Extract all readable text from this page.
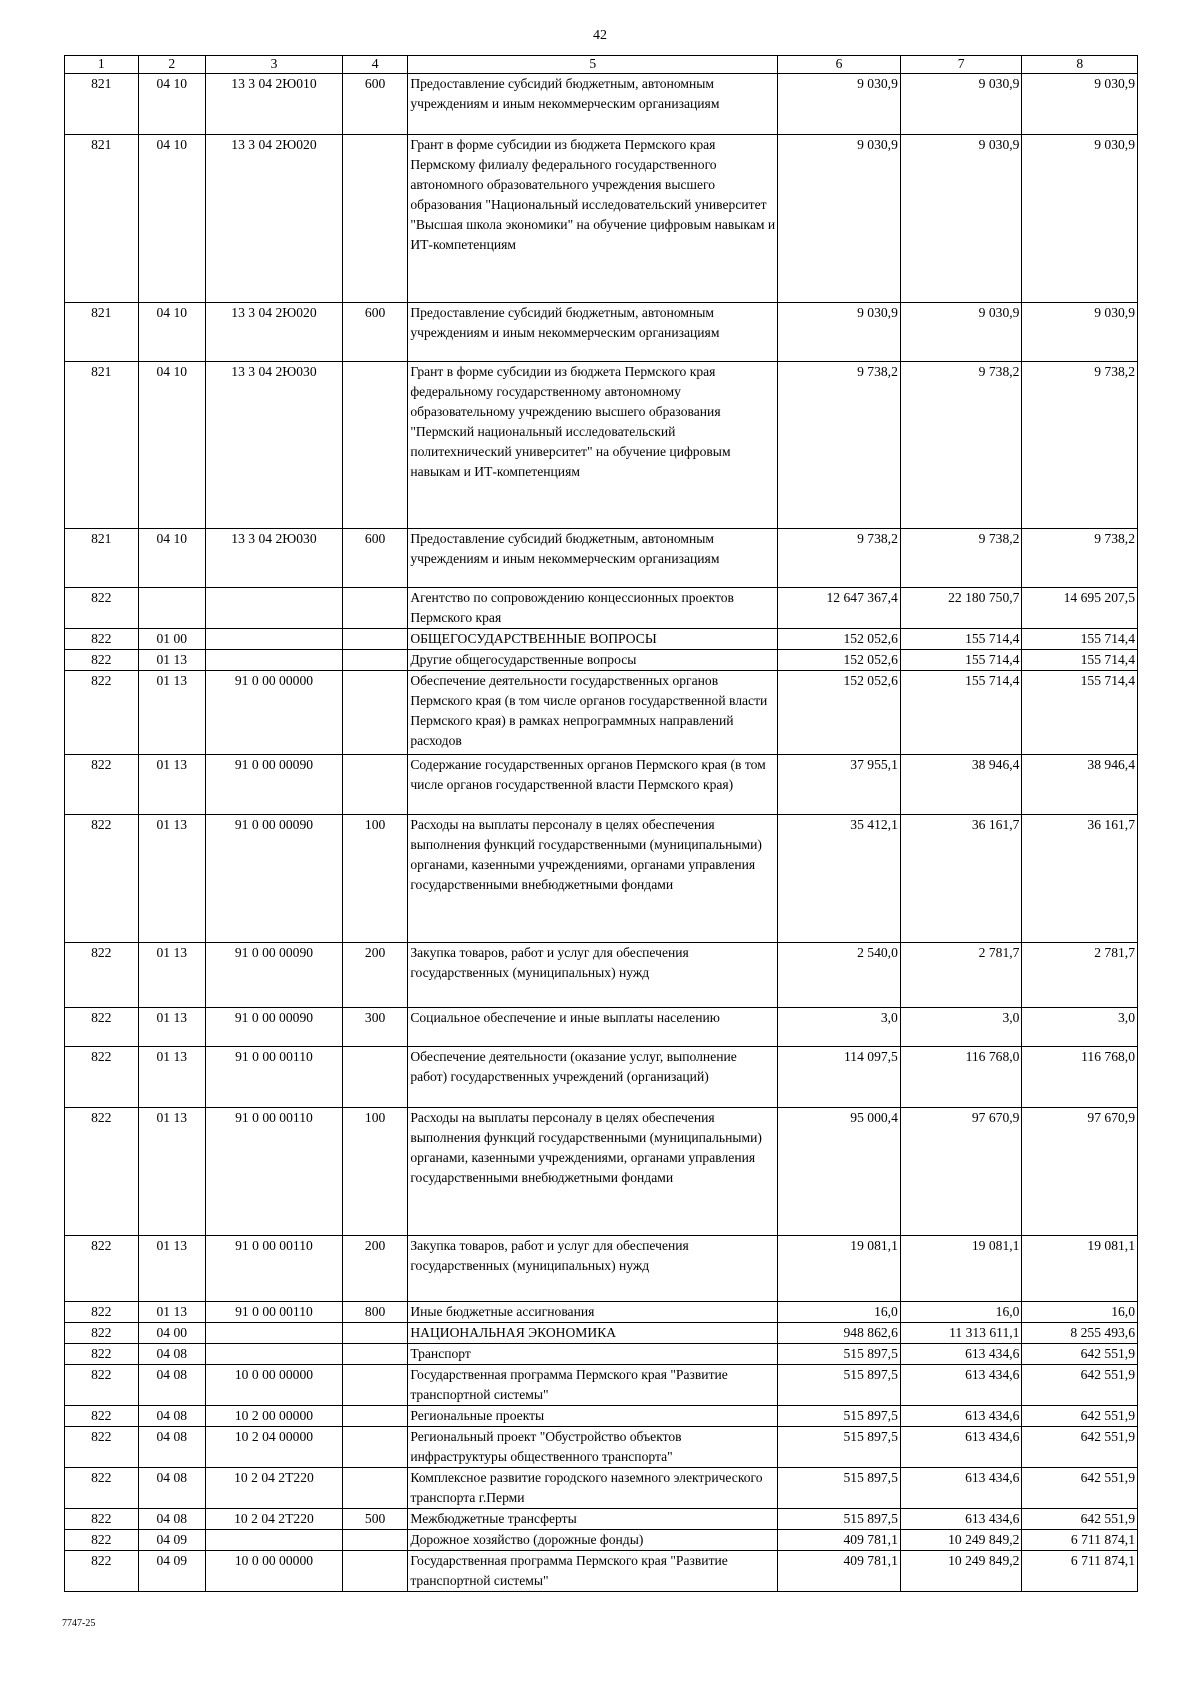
42
1	2	3	4	5	6	7	8
821	04 10	13 3 04 2Ю010	600	Предоставление субсидий бюджетным, автономным учреждениям и иным некоммерческим организациям	9 030,9	9 030,9	9 030,9
821	04 10	13 3 04 2Ю020		Грант в форме субсидии из бюджета Пермского края Пермскому филиалу федерального государственного автономного образовательного учреждения высшего образования "Национальный исследовательский университет "Высшая школа экономики" на обучение цифровым навыкам и ИТ-компетенциям	9 030,9	9 030,9	9 030,9
821	04 10	13 3 04 2Ю020	600	Предоставление субсидий бюджетным, автономным учреждениям и иным некоммерческим организациям	9 030,9	9 030,9	9 030,9
821	04 10	13 3 04 2Ю030		Грант в форме субсидии из бюджета Пермского края федеральному государственному автономному образовательному учреждению высшего образования "Пермский национальный исследовательский политехнический университет" на обучение цифровым навыкам и ИТ-компетенциям	9 738,2	9 738,2	9 738,2
821	04 10	13 3 04 2Ю030	600	Предоставление субсидий бюджетным, автономным учреждениям и иным некоммерческим организациям	9 738,2	9 738,2	9 738,2
822				Агентство по сопровождению концессионных проектов Пермского края	12 647 367,4	22 180 750,7	14 695 207,5
822	01 00			ОБЩЕГОСУДАРСТВЕННЫЕ ВОПРОСЫ	152 052,6	155 714,4	155 714,4
822	01 13			Другие общегосударственные вопросы	152 052,6	155 714,4	155 714,4
822	01 13	91 0 00 00000		Обеспечение деятельности государственных органов Пермского края (в том числе органов государственной власти Пермского края) в рамках непрограммных направлений расходов	152 052,6	155 714,4	155 714,4
822	01 13	91 0 00 00090		Содержание государственных органов Пермского края (в том числе органов государственной власти Пермского края)	37 955,1	38 946,4	38 946,4
822	01 13	91 0 00 00090	100	Расходы на выплаты персоналу в целях обеспечения выполнения функций государственными (муниципальными) органами, казенными учреждениями, органами управления государственными внебюджетными фондами	35 412,1	36 161,7	36 161,7
822	01 13	91 0 00 00090	200	Закупка товаров, работ и услуг для обеспечения государственных (муниципальных) нужд	2 540,0	2 781,7	2 781,7
822	01 13	91 0 00 00090	300	Социальное обеспечение и иные выплаты населению	3,0	3,0	3,0
822	01 13	91 0 00 00110		Обеспечение деятельности (оказание услуг, выполнение работ) государственных учреждений (организаций)	114 097,5	116 768,0	116 768,0
822	01 13	91 0 00 00110	100	Расходы на выплаты персоналу в целях обеспечения выполнения функций государственными (муниципальными) органами, казенными учреждениями, органами управления государственными внебюджетными фондами	95 000,4	97 670,9	97 670,9
822	01 13	91 0 00 00110	200	Закупка товаров, работ и услуг для обеспечения государственных (муниципальных) нужд	19 081,1	19 081,1	19 081,1
822	01 13	91 0 00 00110	800	Иные бюджетные ассигнования	16,0	16,0	16,0
822	04 00			НАЦИОНАЛЬНАЯ ЭКОНОМИКА	948 862,6	11 313 611,1	8 255 493,6
822	04 08			Транспорт	515 897,5	613 434,6	642 551,9
822	04 08	10 0 00 00000		Государственная программа Пермского края "Развитие транспортной системы"	515 897,5	613 434,6	642 551,9
822	04 08	10 2 00 00000		Региональные проекты	515 897,5	613 434,6	642 551,9
822	04 08	10 2 04 00000		Региональный проект "Обустройство объектов инфраструктуры общественного транспорта"	515 897,5	613 434,6	642 551,9
822	04 08	10 2 04 2Т220		Комплексное развитие городского наземного электрического транспорта г.Перми	515 897,5	613 434,6	642 551,9
822	04 08	10 2 04 2Т220	500	Межбюджетные трансферты	515 897,5	613 434,6	642 551,9
822	04 09			Дорожное хозяйство (дорожные фонды)	409 781,1	10 249 849,2	6 711 874,1
822	04 09	10 0 00 00000		Государственная программа Пермского края "Развитие транспортной системы"	409 781,1	10 249 849,2	6 711 874,1
7747-25
